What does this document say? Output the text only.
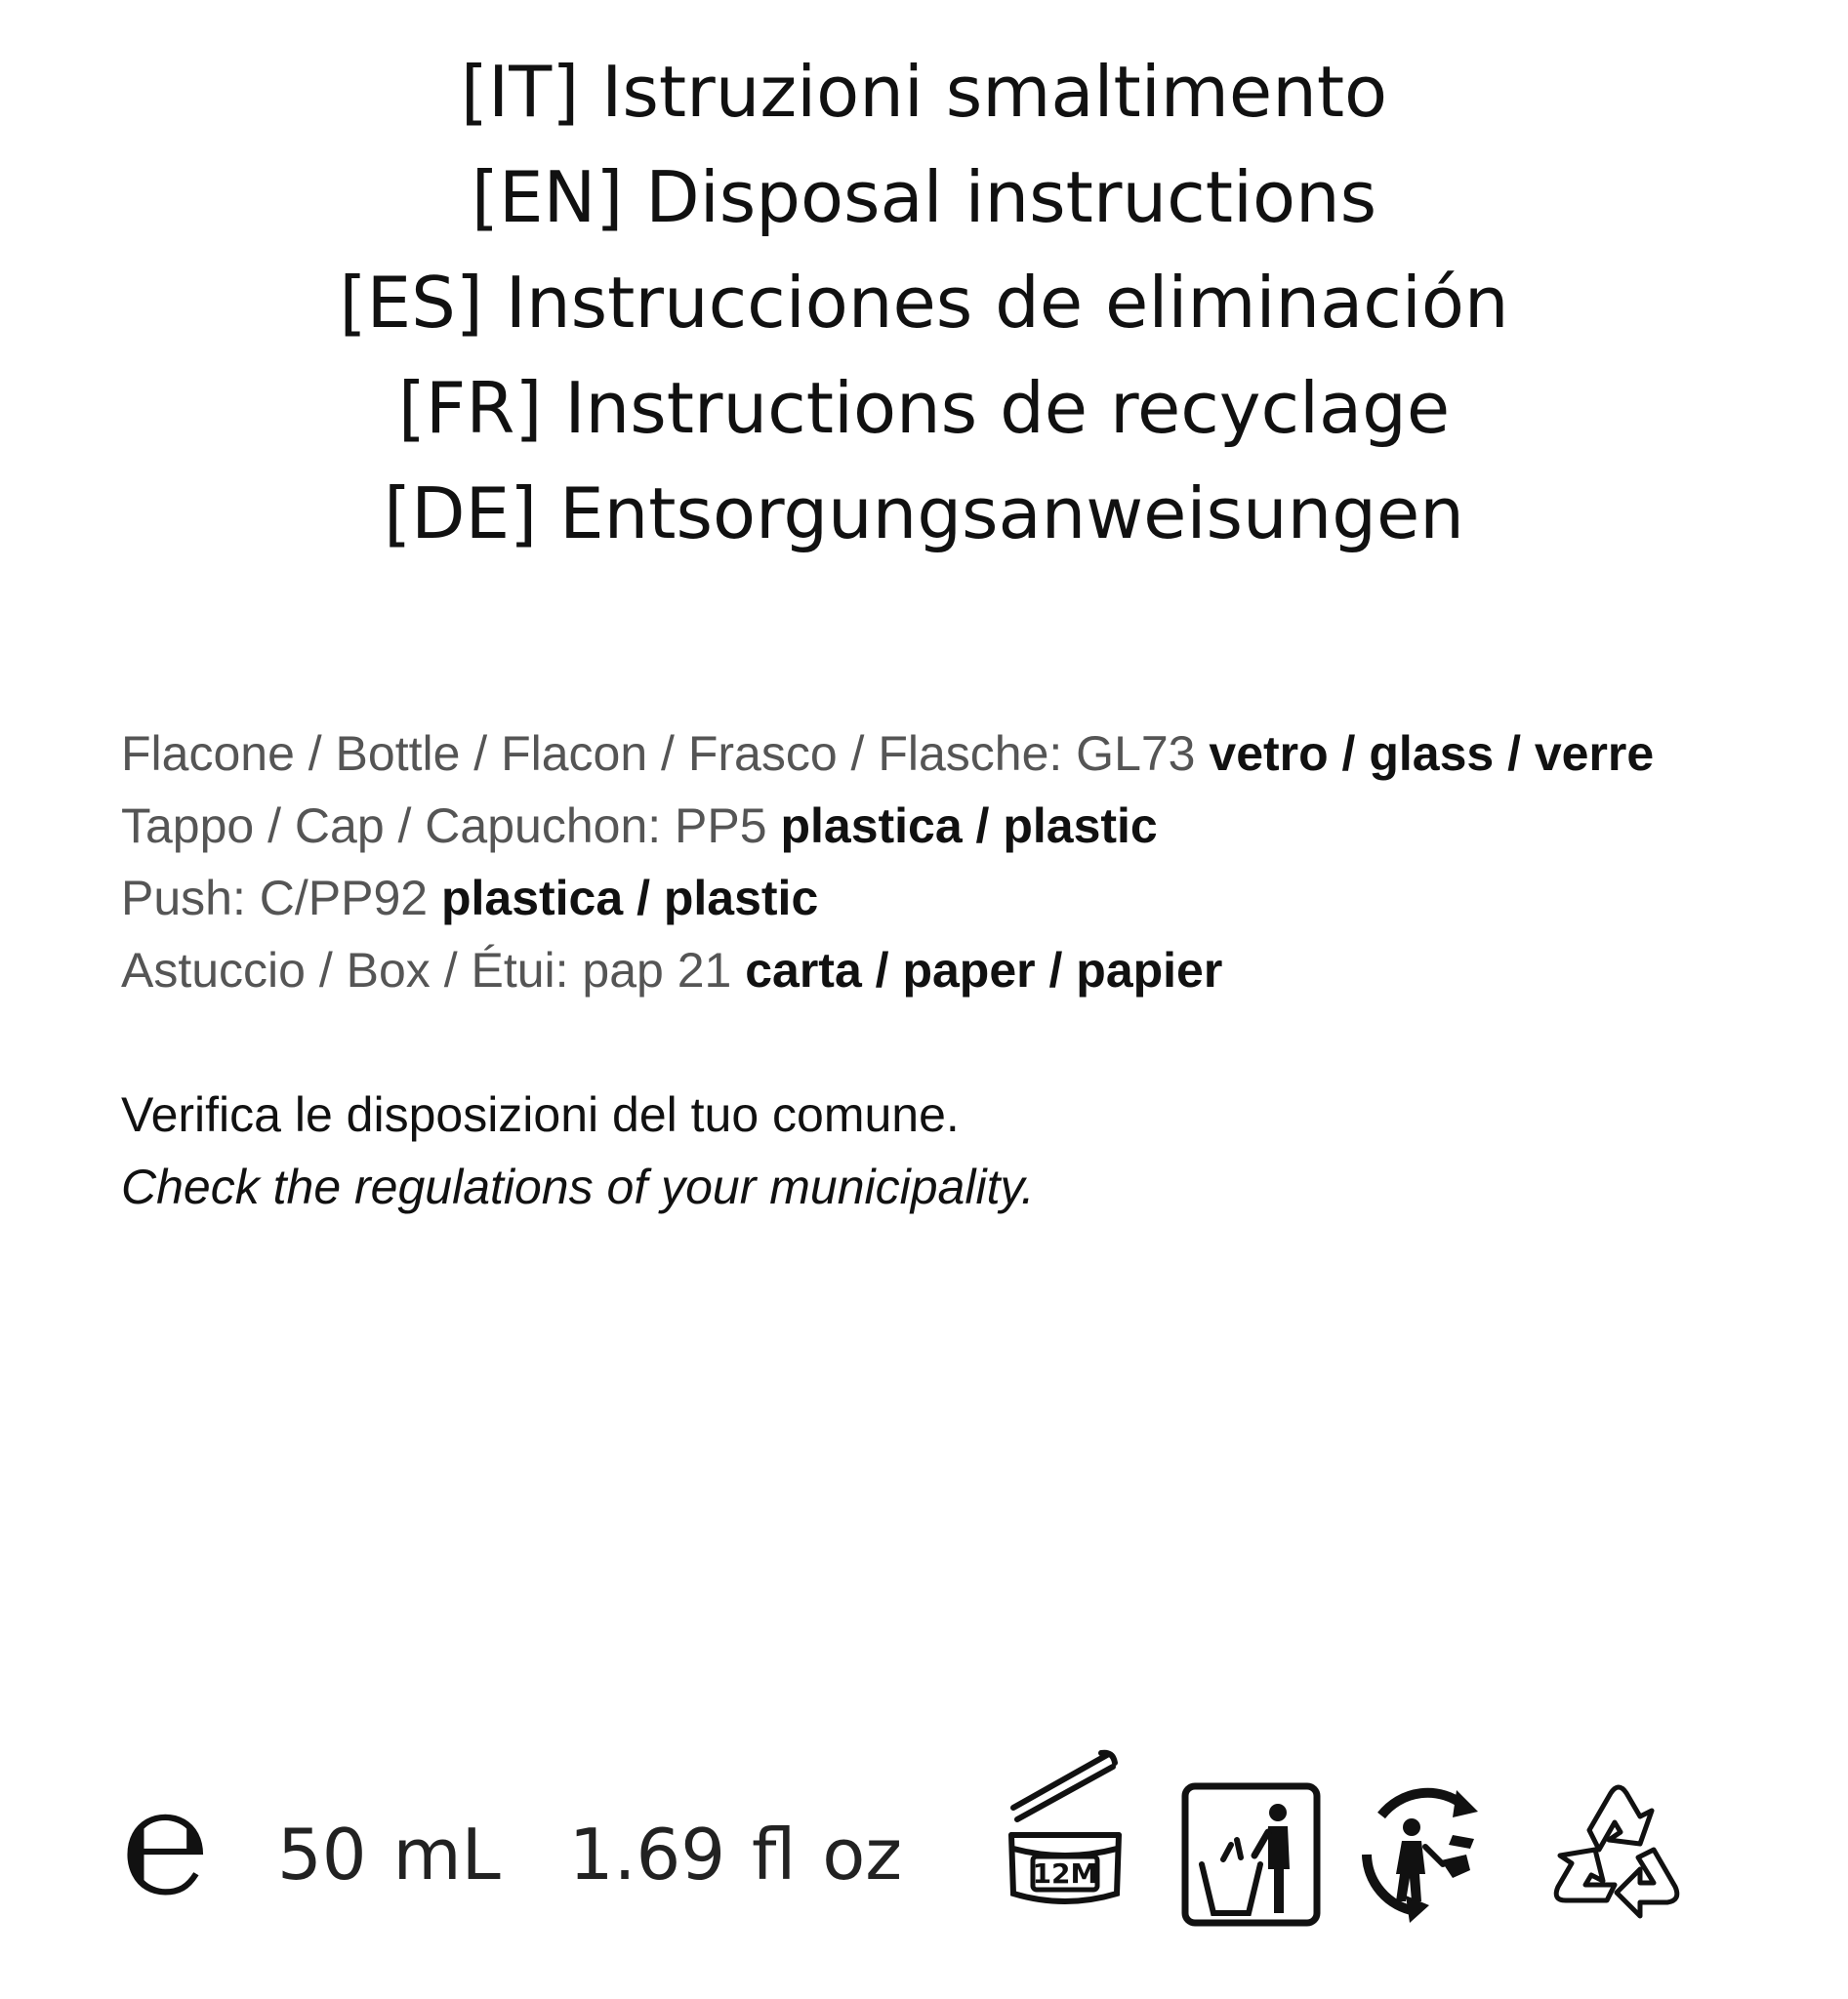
[IT] Istruzioni smaltimento
[EN] Disposal instructions
[ES] Instrucciones de eliminación
[FR] Instructions de recyclage
[DE] Entsorgungsanweisungen
Flacone / Bottle / Flacon / Frasco / Flasche: GL73 vetro / glass / verre
Tappo / Cap / Capuchon: PP5 plastica / plastic
Push: C/PP92 plastica / plastic
Astuccio / Box / Étui: pap 21 carta / paper / papier
Verifica le disposizioni del tuo comune.
Check the regulations of your municipality.
℮ 50 mL 1.69 fl oz	12M
